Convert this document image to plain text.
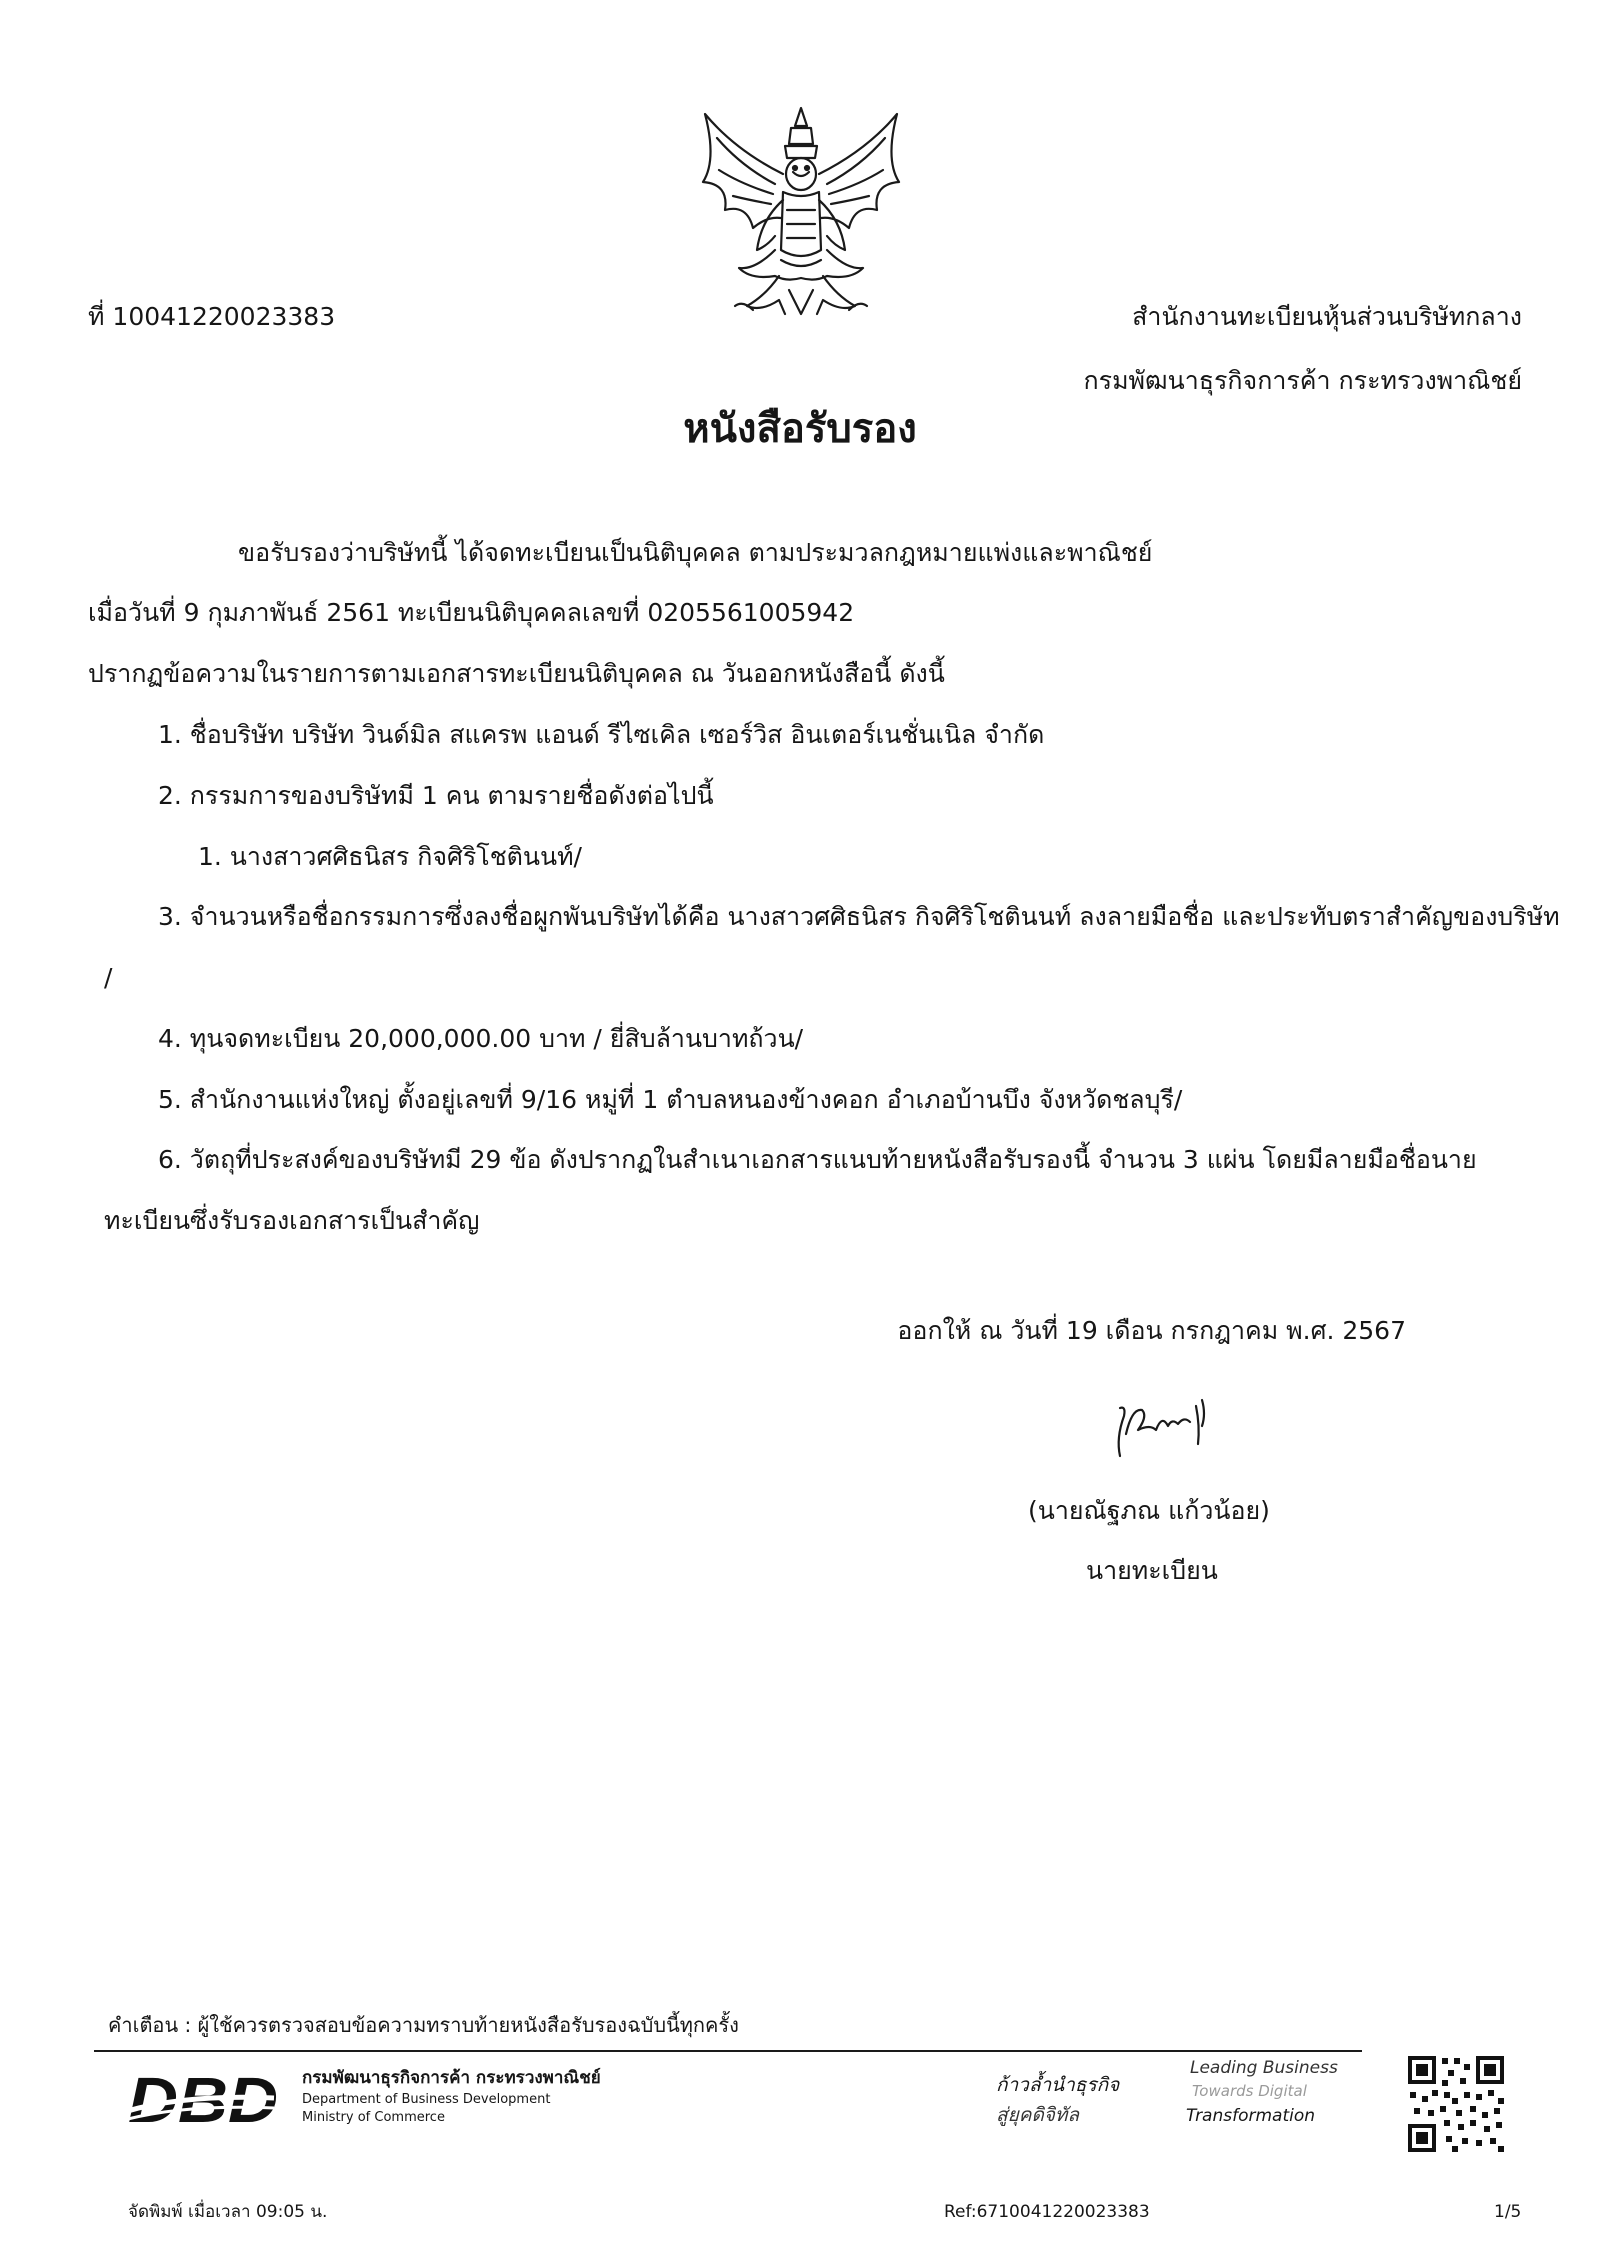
ที่ 10041220023383	สำนักงานทะเบียนหุ้นส่วนบริษัทกลาง
กรมพัฒนาธุรกิจการค้า กระทรวงพาณิชย์
หนังสือรับรอง
ขอรับรองว่าบริษัทนี้ ได้จดทะเบียนเป็นนิติบุคคล ตามประมวลกฎหมายแพ่งและพาณิชย์
เมื่อวันที่ 9 กุมภาพันธ์ 2561 ทะเบียนนิติบุคคลเลขที่ 0205561005942
ปรากฏข้อความในรายการตามเอกสารทะเบียนนิติบุคคล ณ วันออกหนังสือนี้ ดังนี้
1. ชื่อบริษัท บริษัท วินด์มิล สแครพ แอนด์ รีไซเคิล เซอร์วิส อินเตอร์เนชั่นเนิล จำกัด
2. กรรมการของบริษัทมี 1 คน ตามรายชื่อดังต่อไปนี้
1. นางสาวศศิธนิสร กิจศิริโชตินนท์/
3. จำนวนหรือชื่อกรรมการซึ่งลงชื่อผูกพันบริษัทได้คือ นางสาวศศิธนิสร กิจศิริโชตินนท์ ลงลายมือชื่อ และประทับตราสำคัญของบริษัท
/
4. ทุนจดทะเบียน 20,000,000.00 บาท / ยี่สิบล้านบาทถ้วน/
5. สำนักงานแห่งใหญ่ ตั้งอยู่เลขที่ 9/16 หมู่ที่ 1 ตำบลหนองข้างคอก อำเภอบ้านบึง จังหวัดชลบุรี/
6. วัตถุที่ประสงค์ของบริษัทมี 29 ข้อ ดังปรากฏในสำเนาเอกสารแนบท้ายหนังสือรับรองนี้ จำนวน 3 แผ่น โดยมีลายมือชื่อนาย
ทะเบียนซึ่งรับรองเอกสารเป็นสำคัญ
ออกให้ ณ วันที่ 19 เดือน กรกฎาคม พ.ศ. 2567
(นายณัฐภณ แก้วน้อย)
นายทะเบียน
คำเตือน : ผู้ใช้ควรตรวจสอบข้อความทราบท้ายหนังสือรับรองฉบับนี้ทุกครั้ง
DBD กรมพัฒนาธุรกิจการค้า กระทรวงพาณิชย์
Department of Business Development
Ministry of Commerce
ก้าวล้ำนำธุรกิจ
สู่ยุคดิจิทัล
Leading Business
Towards Digital
Transformation
จัดพิมพ์ เมื่อเวลา 09:05 น.	Ref:6710041220023383	1/5
